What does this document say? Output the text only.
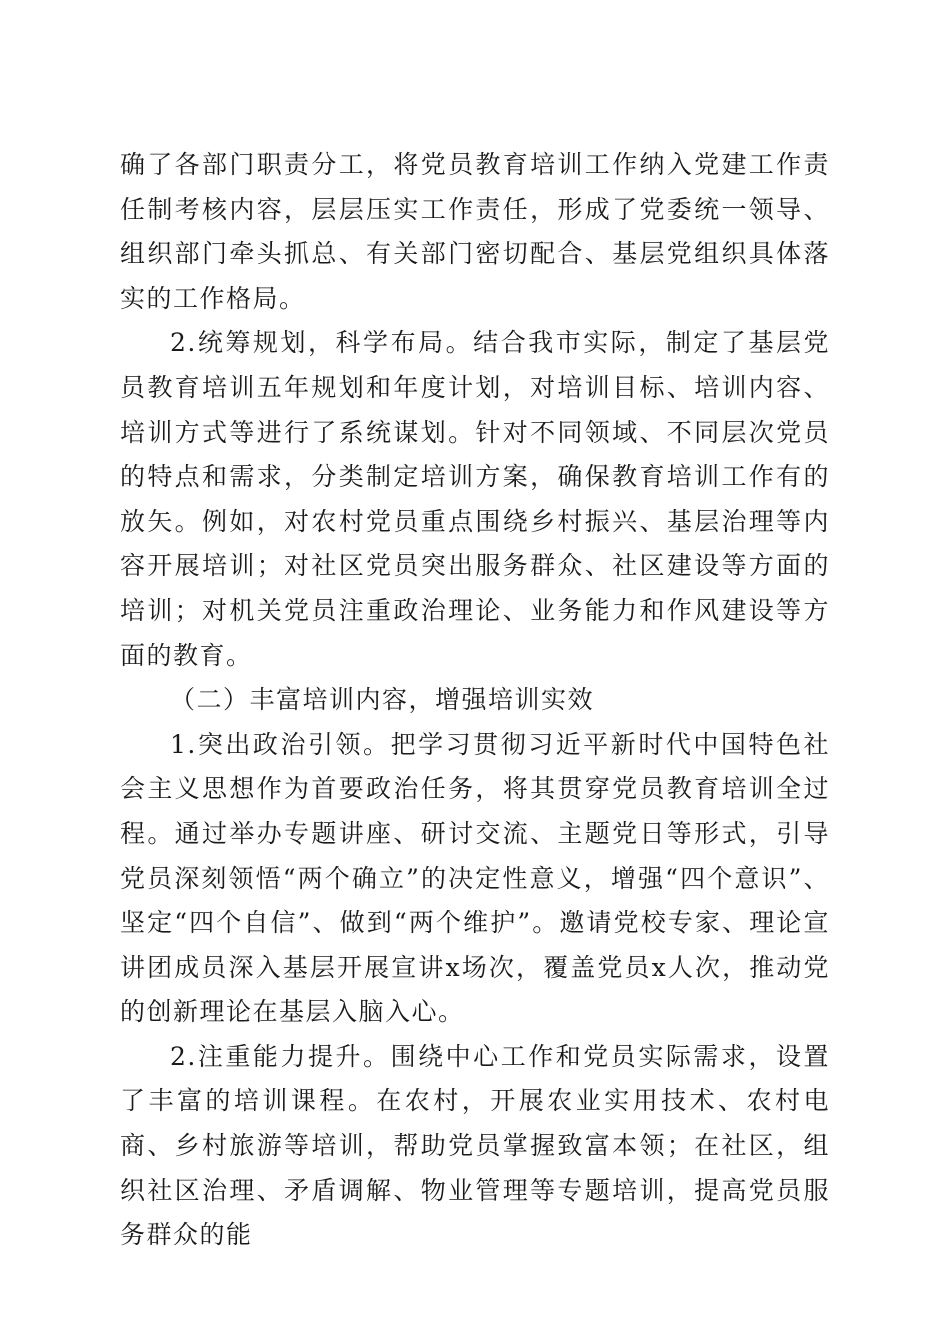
确了各部门职责分工，将党员教育培训工作纳入党建工作责任制考核内容，层层压实工作责任，形成了党委统一领导、组织部门牵头抓总、有关部门密切配合、基层党组织具体落实的工作格局。

2.统筹规划，科学布局。结合我市实际，制定了基层党员教育培训五年规划和年度计划，对培训目标、培训内容、培训方式等进行了系统谋划。针对不同领域、不同层次党员的特点和需求，分类制定培训方案，确保教育培训工作有的放矢。例如，对农村党员重点围绕乡村振兴、基层治理等内容开展培训；对社区党员突出服务群众、社区建设等方面的培训；对机关党员注重政治理论、业务能力和作风建设等方面的教育。

（二）丰富培训内容，增强培训实效

1.突出政治引领。把学习贯彻习近平新时代中国特色社会主义思想作为首要政治任务，将其贯穿党员教育培训全过程。通过举办专题讲座、研讨交流、主题党日等形式，引导党员深刻领悟“两个确立”的决定性意义，增强“四个意识”、坚定“四个自信”、做到“两个维护”。邀请党校专家、理论宣讲团成员深入基层开展宣讲x场次，覆盖党员x人次，推动党的创新理论在基层入脑入心。

2.注重能力提升。围绕中心工作和党员实际需求，设置了丰富的培训课程。在农村，开展农业实用技术、农村电商、乡村旅游等培训，帮助党员掌握致富本领；在社区，组织社区治理、矛盾调解、物业管理等专题培训，提高党员服务群众的能
